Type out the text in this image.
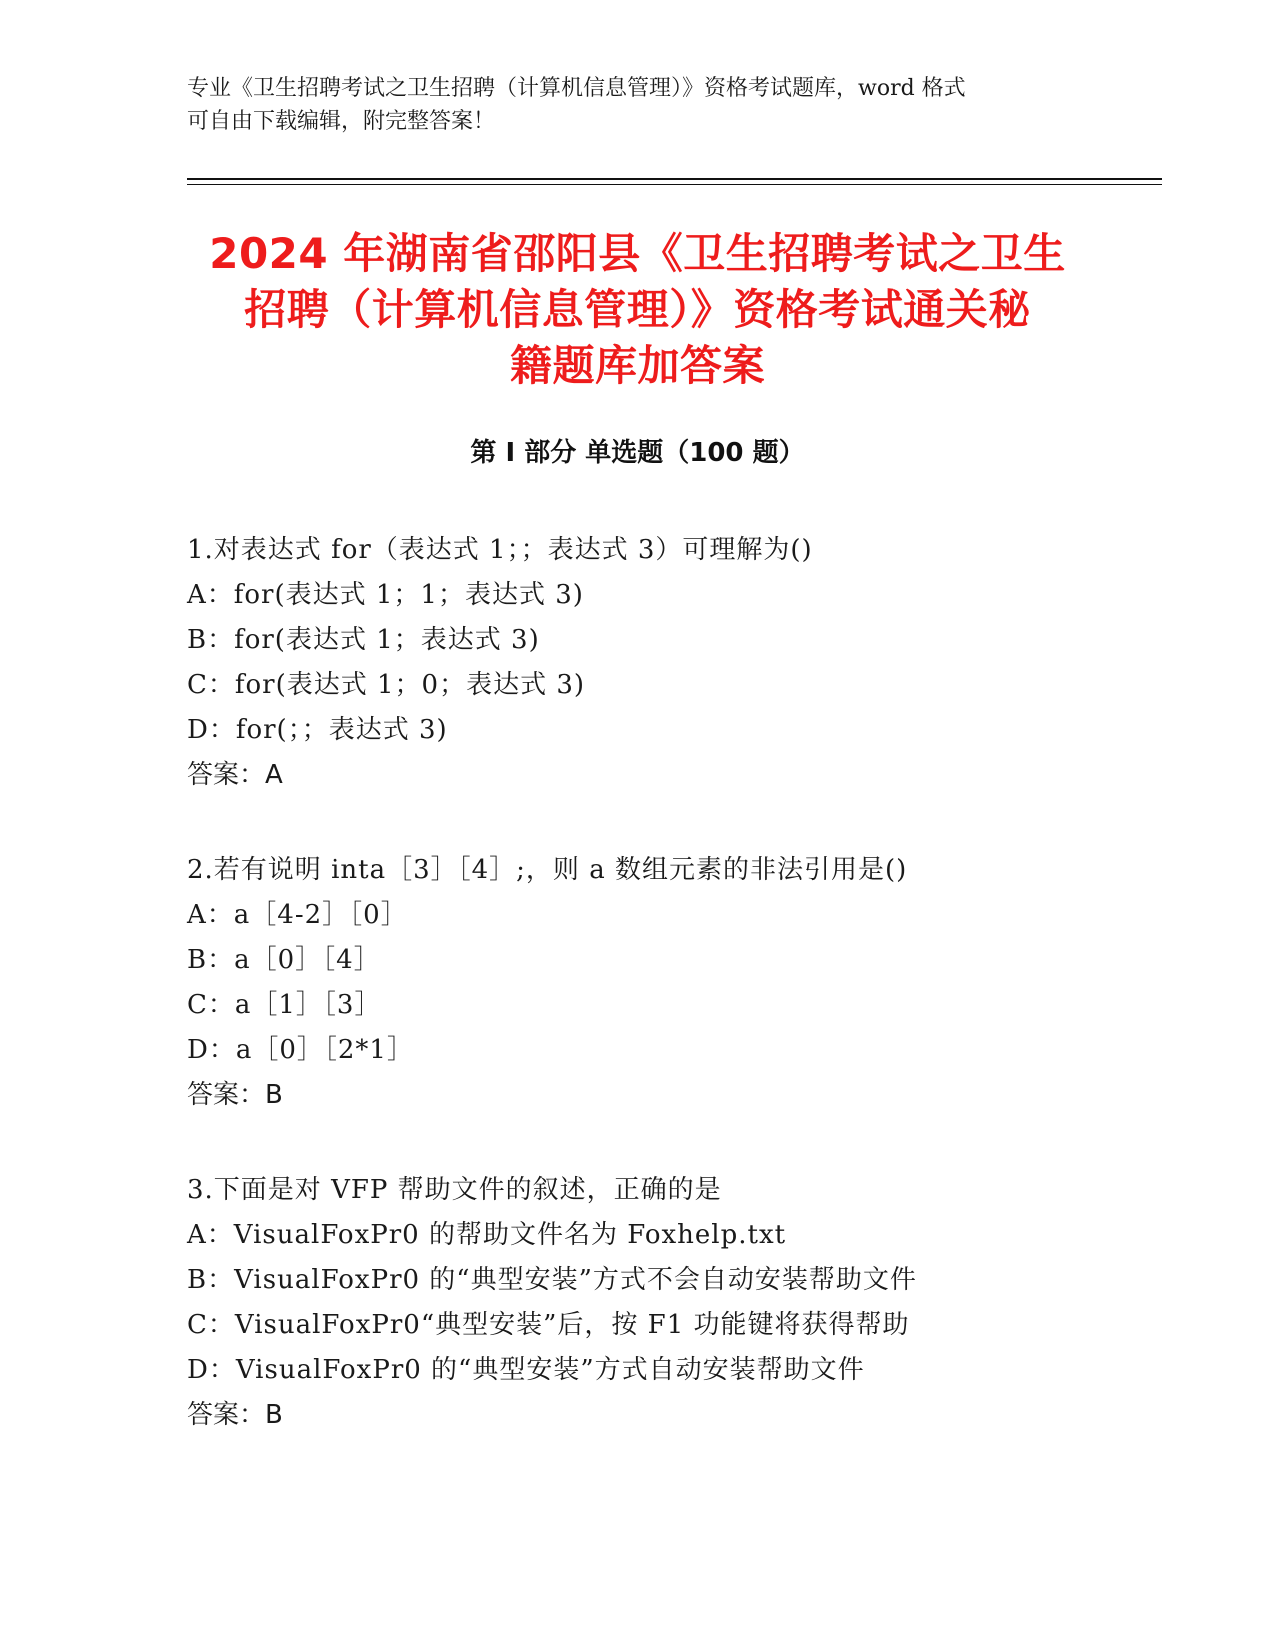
专业《卫生招聘考试之卫生招聘（计算机信息管理）》资格考试题库，word 格式
可自由下载编辑，附完整答案！
2024 年湖南省邵阳县《卫生招聘考试之卫生
招聘（计算机信息管理）》资格考试通关秘
籍题库加答案
第 I 部分 单选题（100 题）
1.对表达式 for（表达式 1；；表达式 3）可理解为()
A：for(表达式 1；1；表达式 3)
B：for(表达式 1；表达式 3)
C：for(表达式 1；0；表达式 3)
D：for(；；表达式 3)
答案：A
2.若有说明 inta［3］［4］;，则 a 数组元素的非法引用是()
A：a［4-2］［0］
B：a［0］［4］
C：a［1］［3］
D：a［0］［2*1］
答案：B
3.下面是对 VFP 帮助文件的叙述，正确的是
A：VisualFoxPr0 的帮助文件名为 Foxhelp.txt
B：VisualFoxPr0 的“典型安装”方式不会自动安装帮助文件
C：VisualFoxPr0“典型安装”后，按 F1 功能键将获得帮助
D：VisualFoxPr0 的“典型安装”方式自动安装帮助文件
答案：B
